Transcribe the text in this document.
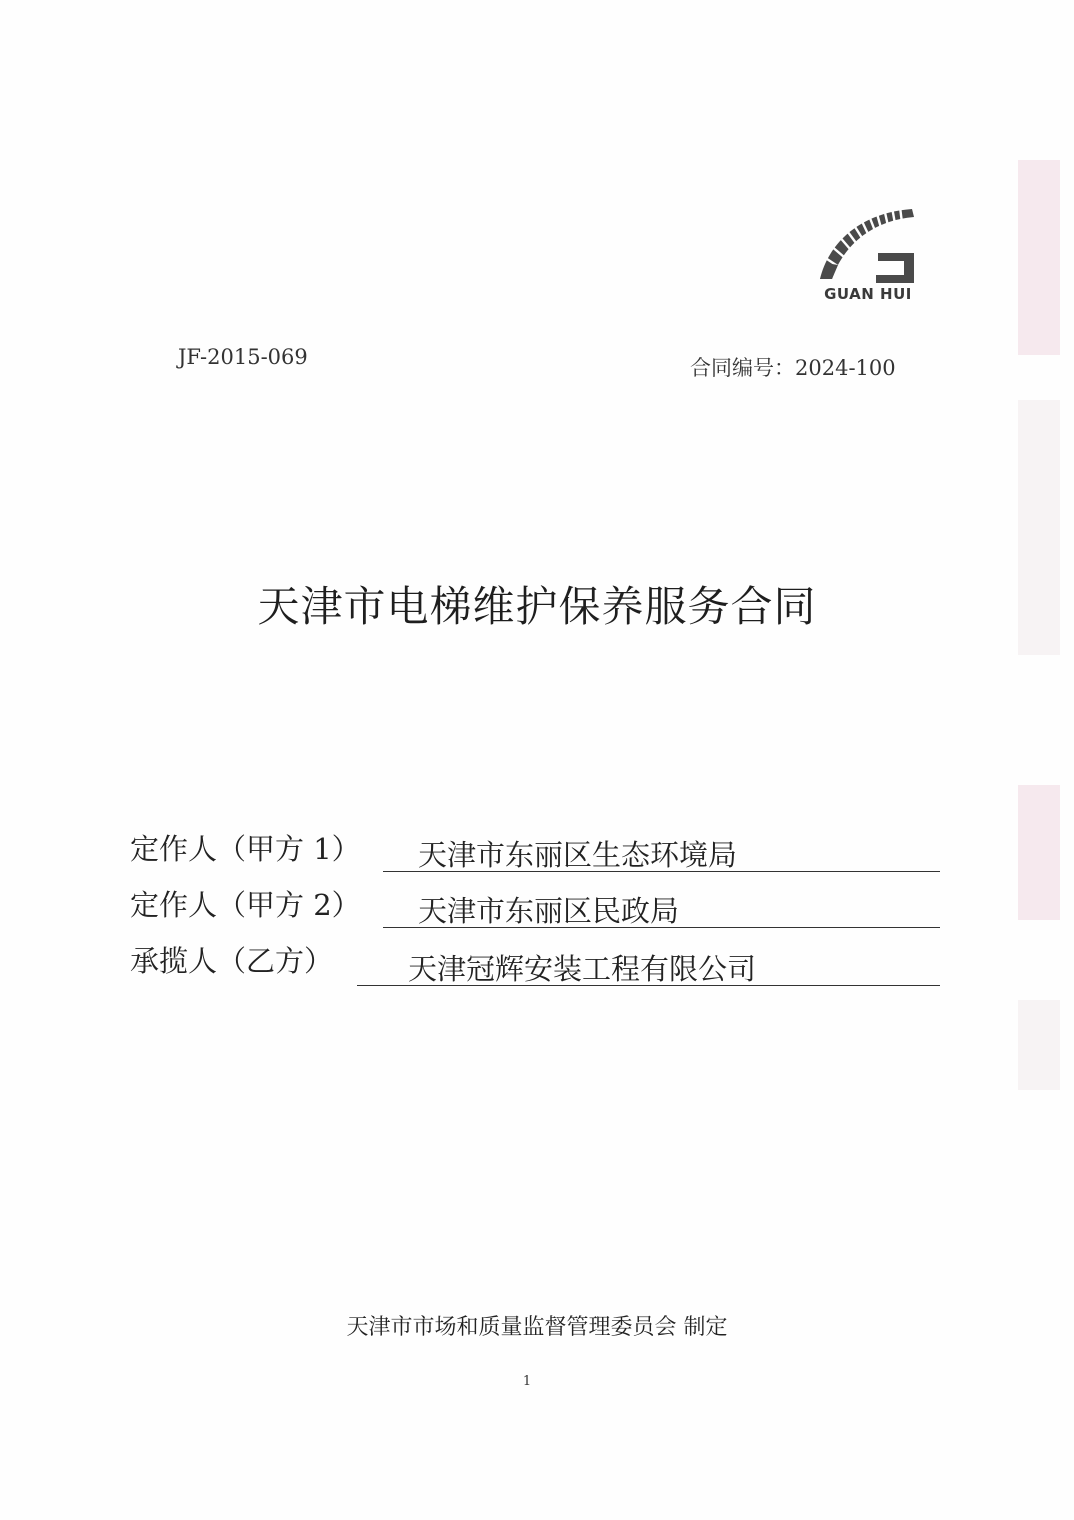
GUAN HUI
JF-2015-069	合同编号：2024-100
天津市电梯维护保养服务合同
定作人（甲方 1） 天津市东丽区生态环境局
定作人（甲方 2） 天津市东丽区民政局
承揽人（乙方）	天津冠辉安装工程有限公司
天津市市场和质量监督管理委员会 制定
1
